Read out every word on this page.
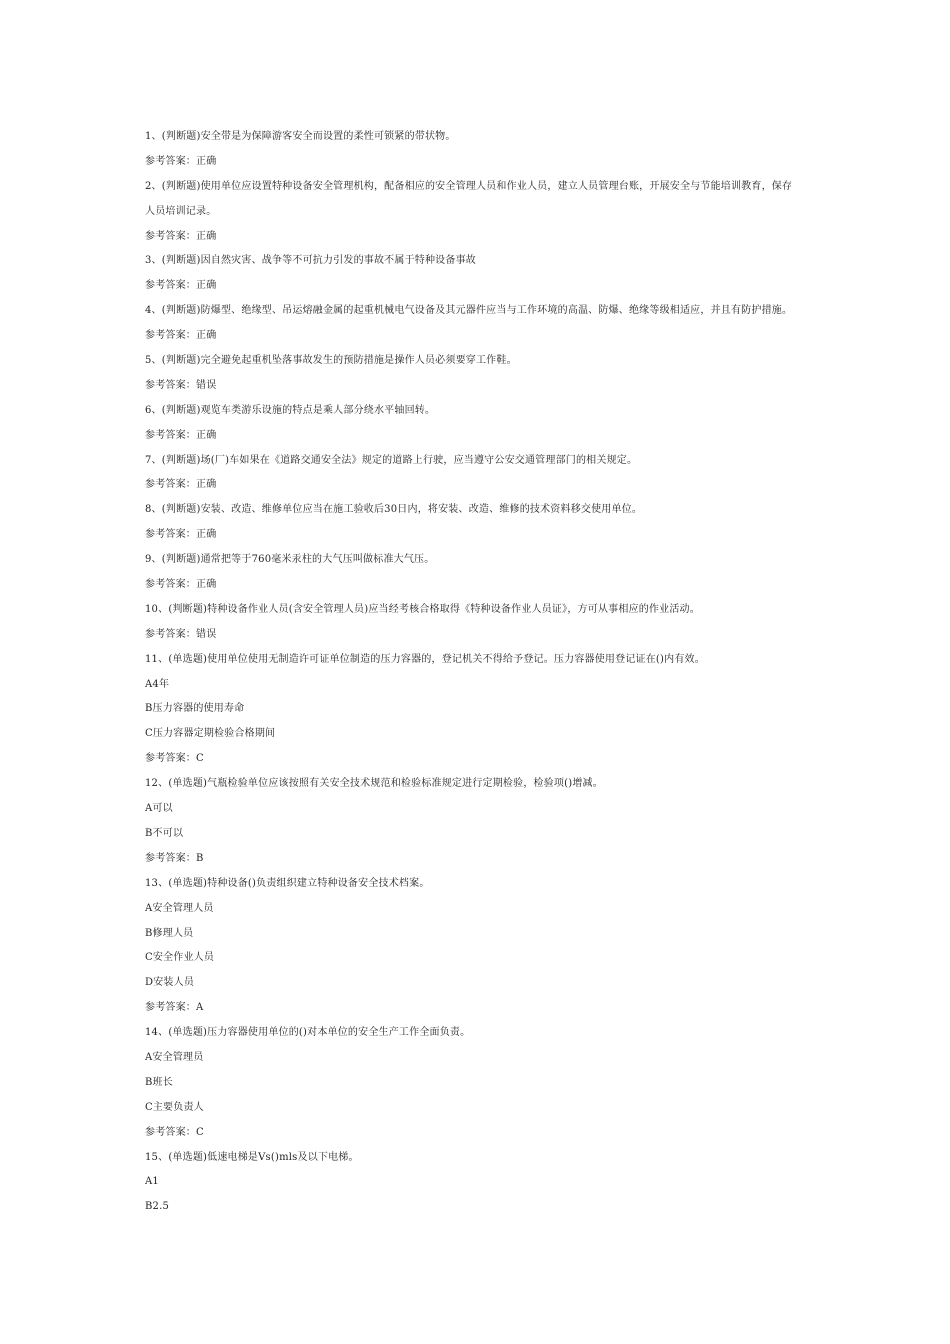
1、(判断题)安全带是为保障游客安全而设置的柔性可锁紧的带状物。
参考答案：正确
2、(判断题)使用单位应设置特种设备安全管理机构，配备相应的安全管理人员和作业人员，建立人员管理台账，开展安全与节能培训教育，保存
人员培训记录。
参考答案：正确
3、(判断题)因自然灾害、战争等不可抗力引发的事故不属于特种设备事故
参考答案：正确
4、(判断题)防爆型、绝缘型、吊运熔融金属的起重机械电气设备及其元器件应当与工作环境的高温、防爆、绝缘等级相适应，并且有防护措施。
参考答案：正确
5、(判断题)完全避免起重机坠落事故发生的预防措施是操作人员必须要穿工作鞋。
参考答案：错误
6、(判断题)观览车类游乐设施的特点是乘人部分绕水平轴回转。
参考答案：正确
7、(判断题)场(厂)车如果在《道路交通安全法》规定的道路上行驶，应当遵守公安交通管理部门的相关规定。
参考答案：正确
8、(判断题)安装、改造、维修单位应当在施工验收后30日内，将安装、改造、维修的技术资料移交使用单位。
参考答案：正确
9、(判断题)通常把等于760毫米汞柱的大气压叫做标准大气压。
参考答案：正确
10、(判断题)特种设备作业人员(含安全管理人员)应当经考核合格取得《特种设备作业人员证》，方可从事相应的作业活动。
参考答案：错误
11、(单选题)使用单位使用无制造许可证单位制造的压力容器的，登记机关不得给予登记。压力容器使用登记证在()内有效。
A4年
B压力容器的使用寿命
C压力容器定期检验合格期间
参考答案：C
12、(单选题)气瓶检验单位应该按照有关安全技术规范和检验标准规定进行定期检验，检验项()增减。
A可以
B不可以
参考答案：B
13、(单选题)特种设备()负责组织建立特种设备安全技术档案。
A安全管理人员
B修理人员
C安全作业人员
D安装人员
参考答案：A
14、(单选题)压力容器使用单位的()对本单位的安全生产工作全面负责。
A安全管理员
B班长
C主要负责人
参考答案：C
15、(单选题)低速电梯是Vs()mls及以下电梯。
A1
B2.5
